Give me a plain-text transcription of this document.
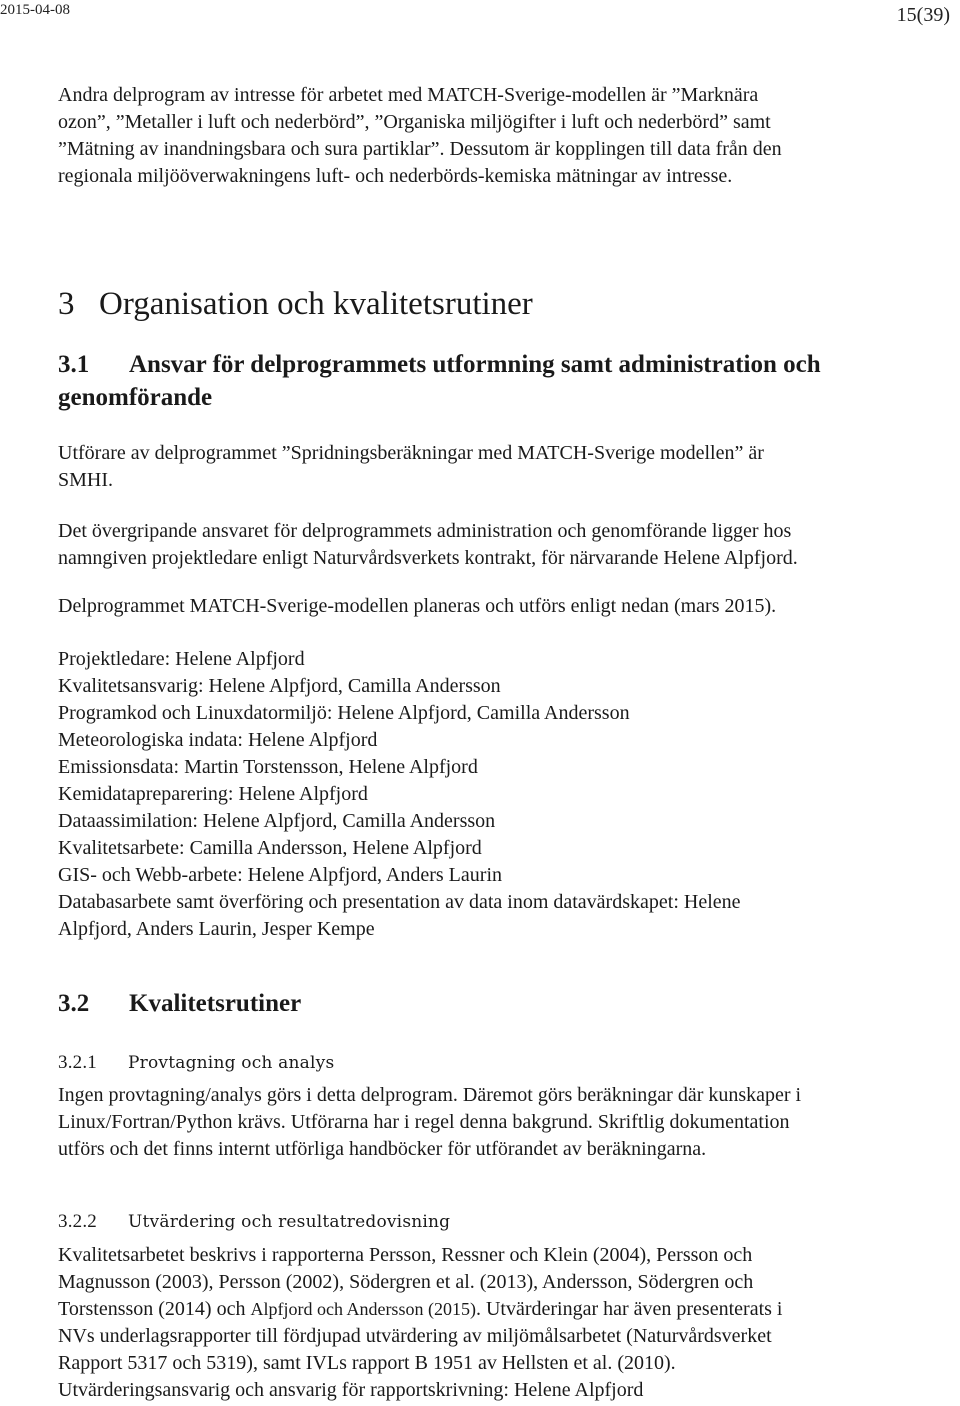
2015-04-08	15(39)

Andra delprogram av intresse för arbetet med MATCH-Sverige-modellen är ”Marknära

ozon”, ”Metaller i luft och nederbörd”, ”Organiska miljögifter i luft och nederbörd” samt

”Mätning av inandningsbara och sura partiklar”. Dessutom är kopplingen till data från den

regionala miljööverwakningens luft- och nederbörds-kemiska mätningar av intresse.

3 Organisation och kvalitetsrutiner
3.1 Ansvar för delprogrammets utformning samt administration och
genomförande

Utförare av delprogrammet ”Spridningsberäkningar med MATCH-Sverige modellen” är

SMHI.

Det övergripande ansvaret för delprogrammets administration och genomförande ligger hos

namngiven projektledare enligt Naturvårdsverkets kontrakt, för närvarande Helene Alpfjord.

Delprogrammet MATCH-Sverige-modellen planeras och utförs enligt nedan (mars 2015).

Projektledare: Helene Alpfjord

Kvalitetsansvarig: Helene Alpfjord, Camilla Andersson

Programkod och Linuxdatormiljö: Helene Alpfjord, Camilla Andersson

Meteorologiska indata: Helene Alpfjord

Emissionsdata: Martin Torstensson, Helene Alpfjord

Kemidatapreparering: Helene Alpfjord

Dataassimilation: Helene Alpfjord, Camilla Andersson

Kvalitetsarbete: Camilla Andersson, Helene Alpfjord

GIS- och Webb-arbete: Helene Alpfjord, Anders Laurin

Databasarbete samt överföring och presentation av data inom datavärdskapet: Helene

Alpfjord, Anders Laurin, Jesper Kempe

3.2 Kvalitetsrutiner
3.2.1 Provtagning och analys

Ingen provtagning/analys görs i detta delprogram. Däremot görs beräkningar där kunskaper i

Linux/Fortran/Python krävs. Utförarna har i regel denna bakgrund. Skriftlig dokumentation

utförs och det finns internt utförliga handböcker för utförandet av beräkningarna.

3.2.2 Utvärdering och resultatredovisning

Kvalitetsarbetet beskrivs i rapporterna Persson, Ressner och Klein (2004), Persson och

Magnusson (2003), Persson (2002), Södergren et al. (2013), Andersson, Södergren och

Torstensson (2014) och Alpfjord och Andersson (2015). Utvärderingar har även presenterats i

NVs underlagsrapporter till fördjupad utvärdering av miljömålsarbetet (Naturvårdsverket

Rapport 5317 och 5319), samt IVLs rapport B 1951 av Hellsten et al. (2010).

Utvärderingsansvarig och ansvarig för rapportskrivning: Helene Alpfjord
